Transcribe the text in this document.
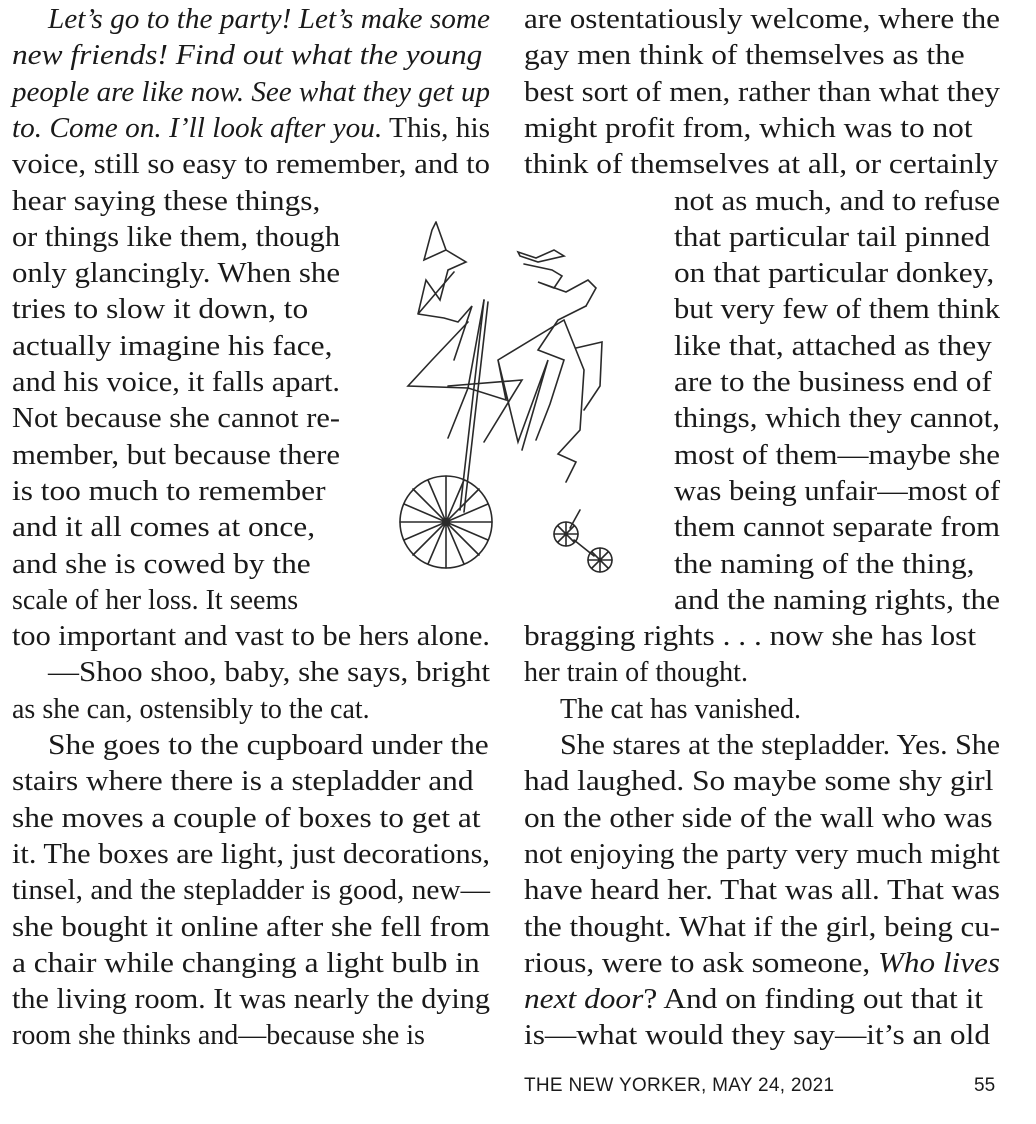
Let’s go to the party! Let’s make some
new friends! Find out what the young
people are like now. See what they get up
to. Come on. I’ll look after you. This, his
voice, still so easy to remember, and to
hear saying these things,
or things like them, though
only glancingly. When she
tries to slow it down, to
actually imagine his face,
and his voice, it falls apart.
Not because she cannot re-
member, but because there
is too much to remember
and it all comes at once,
and she is cowed by the
scale of her loss. It seems
too important and vast to be hers alone.
—Shoo shoo, baby, she says, bright
as she can, ostensibly to the cat.
She goes to the cupboard under the
stairs where there is a stepladder and
she moves a couple of boxes to get at
it. The boxes are light, just decorations,
tinsel, and the stepladder is good, new—
she bought it online after she fell from
a chair while changing a light bulb in
the living room. It was nearly the dying
room she thinks and—because she is
are ostentatiously welcome, where the
gay men think of themselves as the
best sort of men, rather than what they
might profit from, which was to not
think of themselves at all, or certainly
not as much, and to refuse
that particular tail pinned
on that particular donkey,
but very few of them think
like that, attached as they
are to the business end of
things, which they cannot,
most of them—maybe she
was being unfair—most of
them cannot separate from
the naming of the thing,
and the naming rights, the
bragging rights . . . now she has lost
her train of thought.
The cat has vanished.
She stares at the stepladder. Yes. She
had laughed. So maybe some shy girl
on the other side of the wall who was
not enjoying the party very much might
have heard her. That was all. That was
the thought. What if the girl, being cu-
rious, were to ask someone, Who lives
next door? And on finding out that it
is—what would they say—it’s an old
THE NEW YORKER, MAY 24, 2021	55
